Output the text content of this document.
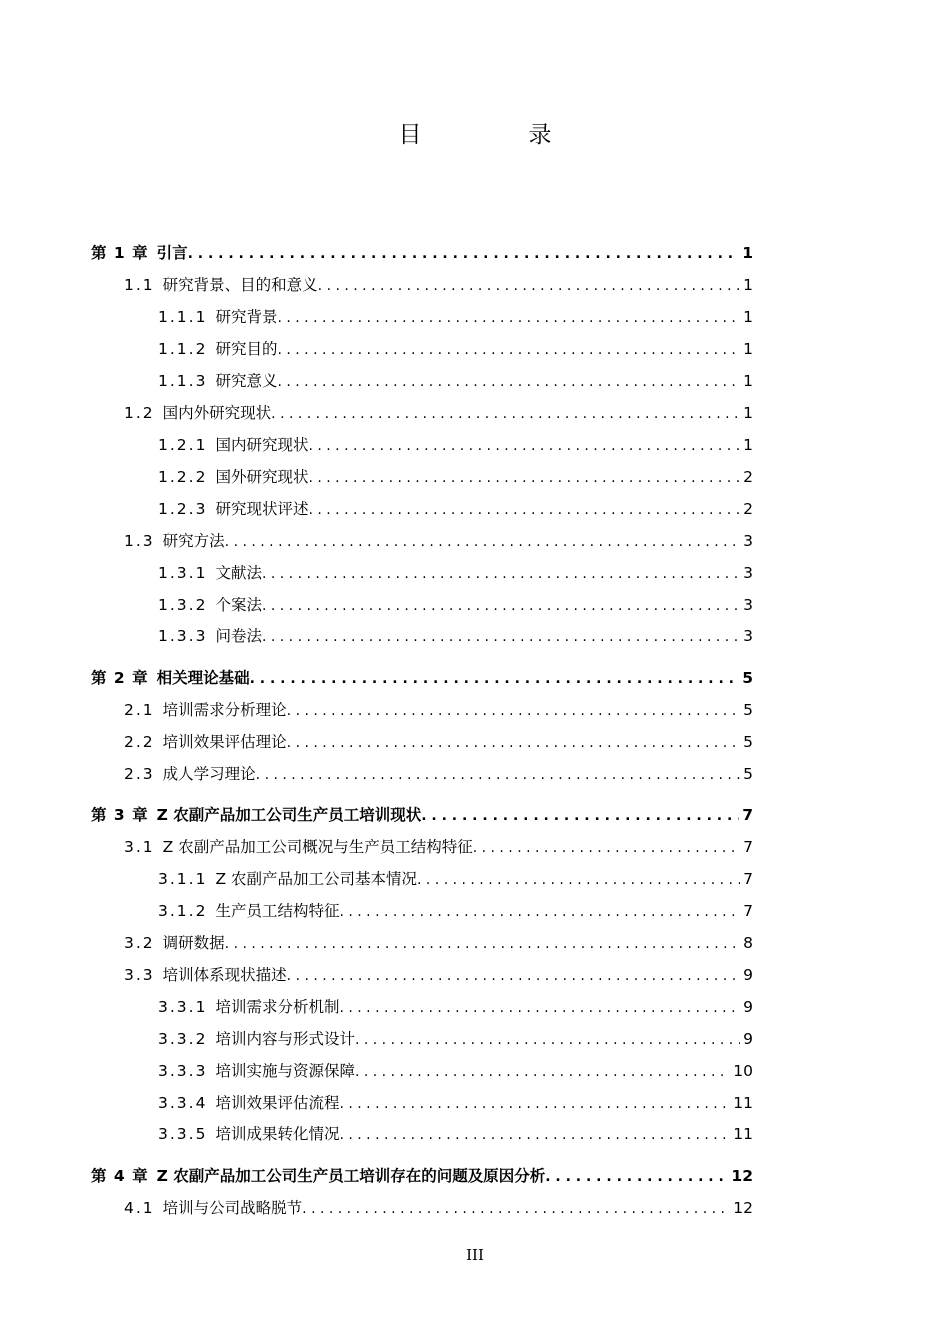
目　录
第 1 章 引言 . . .	1
1.1 研究背景、目的和意义 . . .	1
1.1.1 研究背景 . . .	1
1.1.2 研究目的 . . .	1
1.1.3 研究意义 . . .	1
1.2 国内外研究现状 . . .	1
1.2.1 国内研究现状 . . .	1
1.2.2 国外研究现状 . . .	2
1.2.3 研究现状评述 . . .	2
1.3 研究方法 . . .	3
1.3.1 文献法 . . .	3
1.3.2 个案法 . . .	3
1.3.3 问卷法 . . .	3
第 2 章 相关理论基础 . . .	5
2.1 培训需求分析理论 . . .	5
2.2 培训效果评估理论 . . .	5
2.3 成人学习理论 . . .	5
第 3 章 Z 农副产品加工公司生产员工培训现状 . . .	7
3.1 Z 农副产品加工公司概况与生产员工结构特征 . . .	7
3.1.1 Z 农副产品加工公司基本情况 . . .	7
3.1.2 生产员工结构特征 . . .	7
3.2 调研数据 . . .	8
3.3 培训体系现状描述 . . .	9
3.3.1 培训需求分析机制 . . .	9
3.3.2 培训内容与形式设计 . . .	9
3.3.3 培训实施与资源保障 . . .	10
3.3.4 培训效果评估流程 . . .	11
3.3.5 培训成果转化情况 . . .	11
第 4 章 Z 农副产品加工公司生产员工培训存在的问题及原因分析 . . .	12
4.1 培训与公司战略脱节 . . .	12
III
